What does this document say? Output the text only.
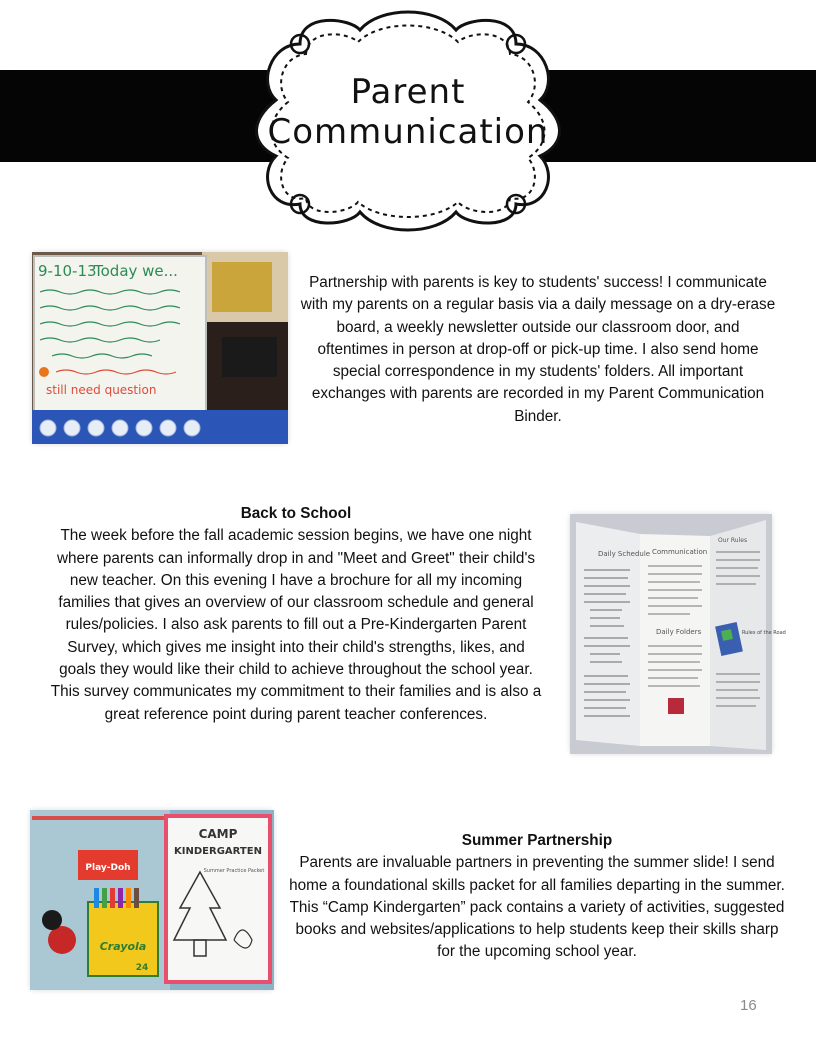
Parent
Communication
9-10-13
Today we...
still need question
Partnership with parents is key to students' success! I communicate with my parents on a regular basis via a daily message on a dry-erase board, a weekly newsletter outside our classroom door, and oftentimes in person at drop-off or pick-up time. I also send home special correspondence in my students' folders. All important exchanges with parents are recorded in my Parent Communication Binder.
Back to School
The week before the fall academic session begins, we have one night where parents can informally drop in and "Meet and Greet" their child's new teacher. On this evening I have a brochure for all my incoming families that gives an overview of our classroom schedule and general rules/policies. I also ask parents to fill out a Pre-Kindergarten Parent Survey, which gives me insight into their child's strengths, likes, and goals they would like their child to achieve throughout the school year. This survey communicates my commitment to their families and is also a great reference point during parent teacher conferences.
Daily Schedule Communication
Daily Folders
Our Rules
Rules of the Road
CAMP
KINDERGARTEN
Summer Practice Packet
Play-Doh
Crayola
24
Summer Partnership
Parents are invaluable partners in preventing the summer slide! I send home a foundational skills packet for all families departing in the summer. This “Camp Kindergarten” pack contains a variety of activities, suggested books and websites/applications to help students keep their skills sharp for the upcoming school year.
16
